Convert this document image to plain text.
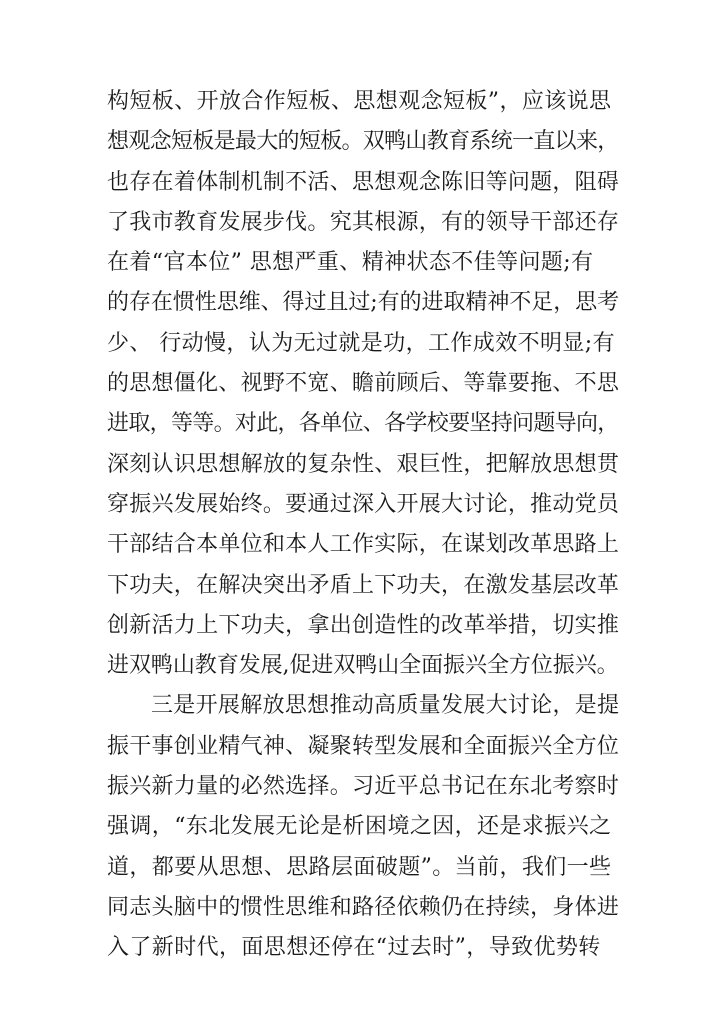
构短板、开放合作短板、思想观念短板”，应该说思
想观念短板是最大的短板。双鸭山教育系统一直以来，
也存在着体制机制不活、思想观念陈旧等问题，阻碍
了我市教育发展步伐。究其根源，有的领导干部还存
在着“官本位” 思想严重、精神状态不佳等问题;有
的存在惯性思维、得过且过;有的进取精神不足，思考
少、 行动慢，认为无过就是功，工作成效不明显;有
的思想僵化、视野不宽、瞻前顾后、等靠要拖、不思
进取，等等。对此，各单位、各学校要坚持问题导向，
深刻认识思想解放的复杂性、艰巨性，把解放思想贯
穿振兴发展始终。要通过深入开展大讨论，推动党员
干部结合本单位和本人工作实际，在谋划改革思路上
下功夫，在解决突出矛盾上下功夫，在激发基层改革
创新活力上下功夫，拿出创造性的改革举措，切实推
进双鸭山教育发展,促进双鸭山全面振兴全方位振兴。
三是开展解放思想推动高质量发展大讨论，是提
振干事创业精气神、凝聚转型发展和全面振兴全方位
振兴新力量的必然选择。习近平总书记在东北考察时
强调，“东北发展无论是析困境之因，还是求振兴之
道，都要从思想、思路层面破题”。当前，我们一些
同志头脑中的惯性思维和路径依赖仍在持续，身体进
入了新时代，面思想还停在“过去时”，导致优势转
